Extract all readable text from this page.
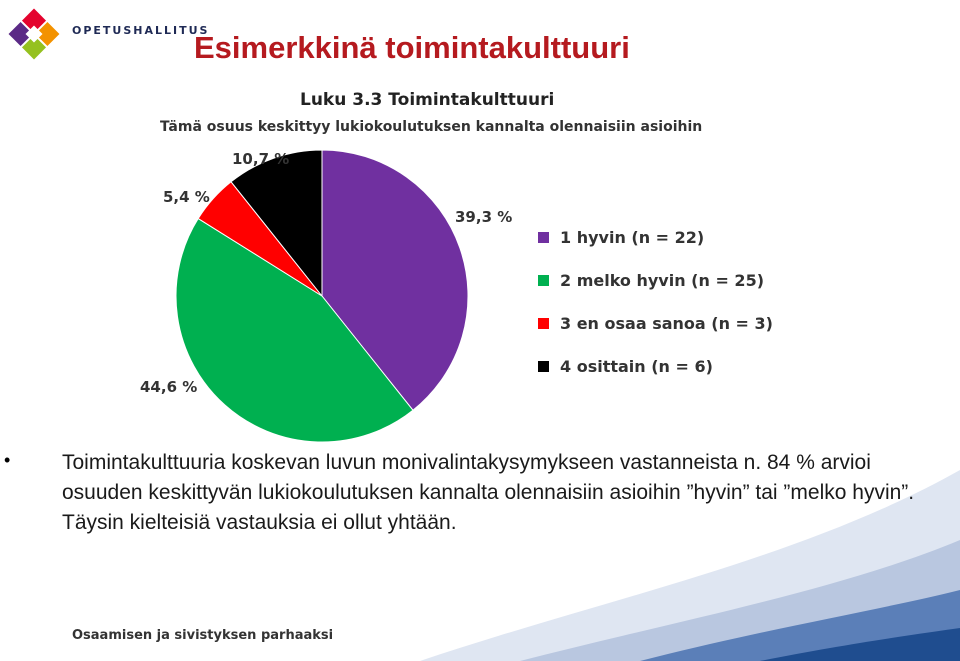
OPETUSHALLITUS
Esimerkkinä toimintakulttuuri
Luku 3.3 Toimintakulttuuri
Tämä osuus keskittyy lukiokoulutuksen kannalta olennaisiin asioihin
39,3 %
44,6 %
5,4 %
10,7 %
1 hyvin (n = 22)
2 melko hyvin (n = 25)
3 en osaa sanoa (n = 3)
4 osittain (n = 6)
• Toimintakulttuuria koskevan luvun monivalintakysymykseen vastanneista n. 84 % arvioi osuuden keskittyvän lukiokoulutuksen kannalta olennaisiin asioihin ”hyvin” tai ”melko hyvin”. Täysin kielteisiä vastauksia ei ollut yhtään.
Osaamisen ja sivistyksen parhaaksi
